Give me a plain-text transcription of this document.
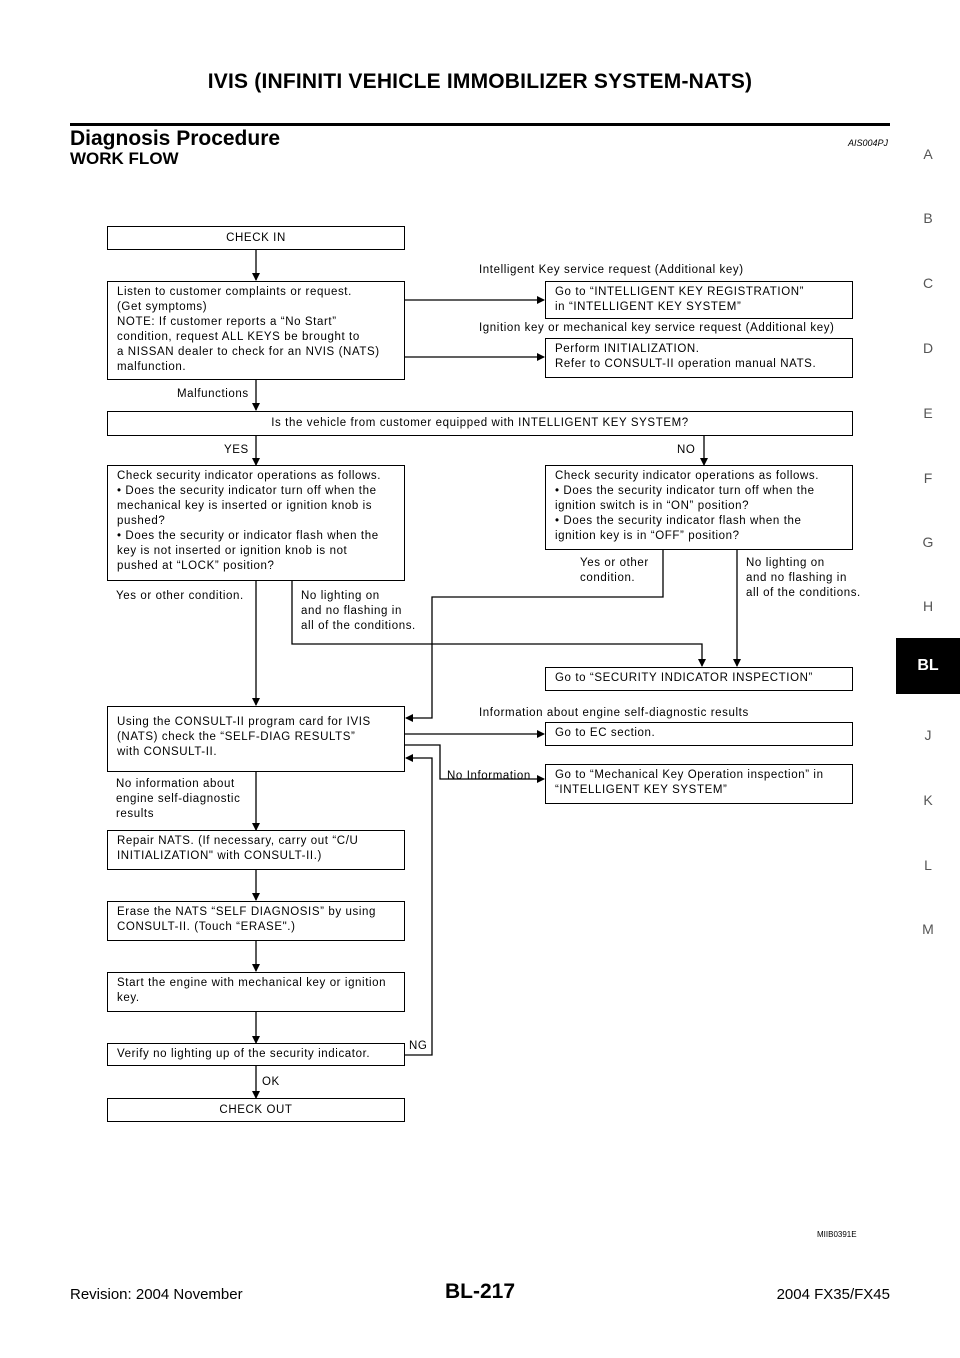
IVIS (INFINITI VEHICLE IMMOBILIZER SYSTEM-NATS)
Diagnosis Procedure	AIS004PJ
WORK FLOW	A
B
C
D
E
F
G
H
BL
J
K
L
M
CHECK IN
Listen to customer complaints or request.
(Get symptoms)
NOTE: If customer reports a “No Start”
condition, request ALL KEYS be brought to
a NISSAN dealer to check for an NVIS (NATS)
malfunction.
Go to “INTELLIGENT KEY REGISTRATION”
in “INTELLIGENT KEY SYSTEM”
Perform INITIALIZATION.
Refer to CONSULT-II operation manual NATS.
Is the vehicle from customer equipped with INTELLIGENT KEY SYSTEM?
Check security indicator operations as follows.
• Does the security indicator turn off when the
mechanical key is inserted or ignition knob is
pushed?
• Does the security or indicator flash when the
key is not inserted or ignition knob is not
pushed at “LOCK” position?
Check security indicator operations as follows.
• Does the security indicator turn off when the
ignition switch is in “ON” position?
• Does the security indicator flash when the
ignition key is in “OFF” position?
Go to “SECURITY INDICATOR INSPECTION”
Using the CONSULT-II program card for IVIS
(NATS) check the “SELF-DIAG RESULTS”
with CONSULT-II.
Go to EC section.
Go to “Mechanical Key Operation inspection” in
“INTELLIGENT KEY SYSTEM”
Repair NATS. (If necessary, carry out “C/U
INITIALIZATION" with CONSULT-II.)
Erase the NATS “SELF DIAGNOSIS” by using
CONSULT-II. (Touch “ERASE".)
Start the engine with mechanical key or ignition
key.
Verify no lighting up of the security indicator.
CHECK OUT
Intelligent Key service request (Additional key)
Ignition key or mechanical key service request (Additional key)
Malfunctions
YES	NO
Yes or other condition.	No lighting on
and no flashing in
all of the conditions.
Yes or other
condition.
No lighting on
and no flashing in
all of the conditions.
Information about engine self-diagnostic results
No Information
No information about
engine self-diagnostic
results
NG
OK
MIIB0391E
Revision: 2004 November	BL-217	2004 FX35/FX45
